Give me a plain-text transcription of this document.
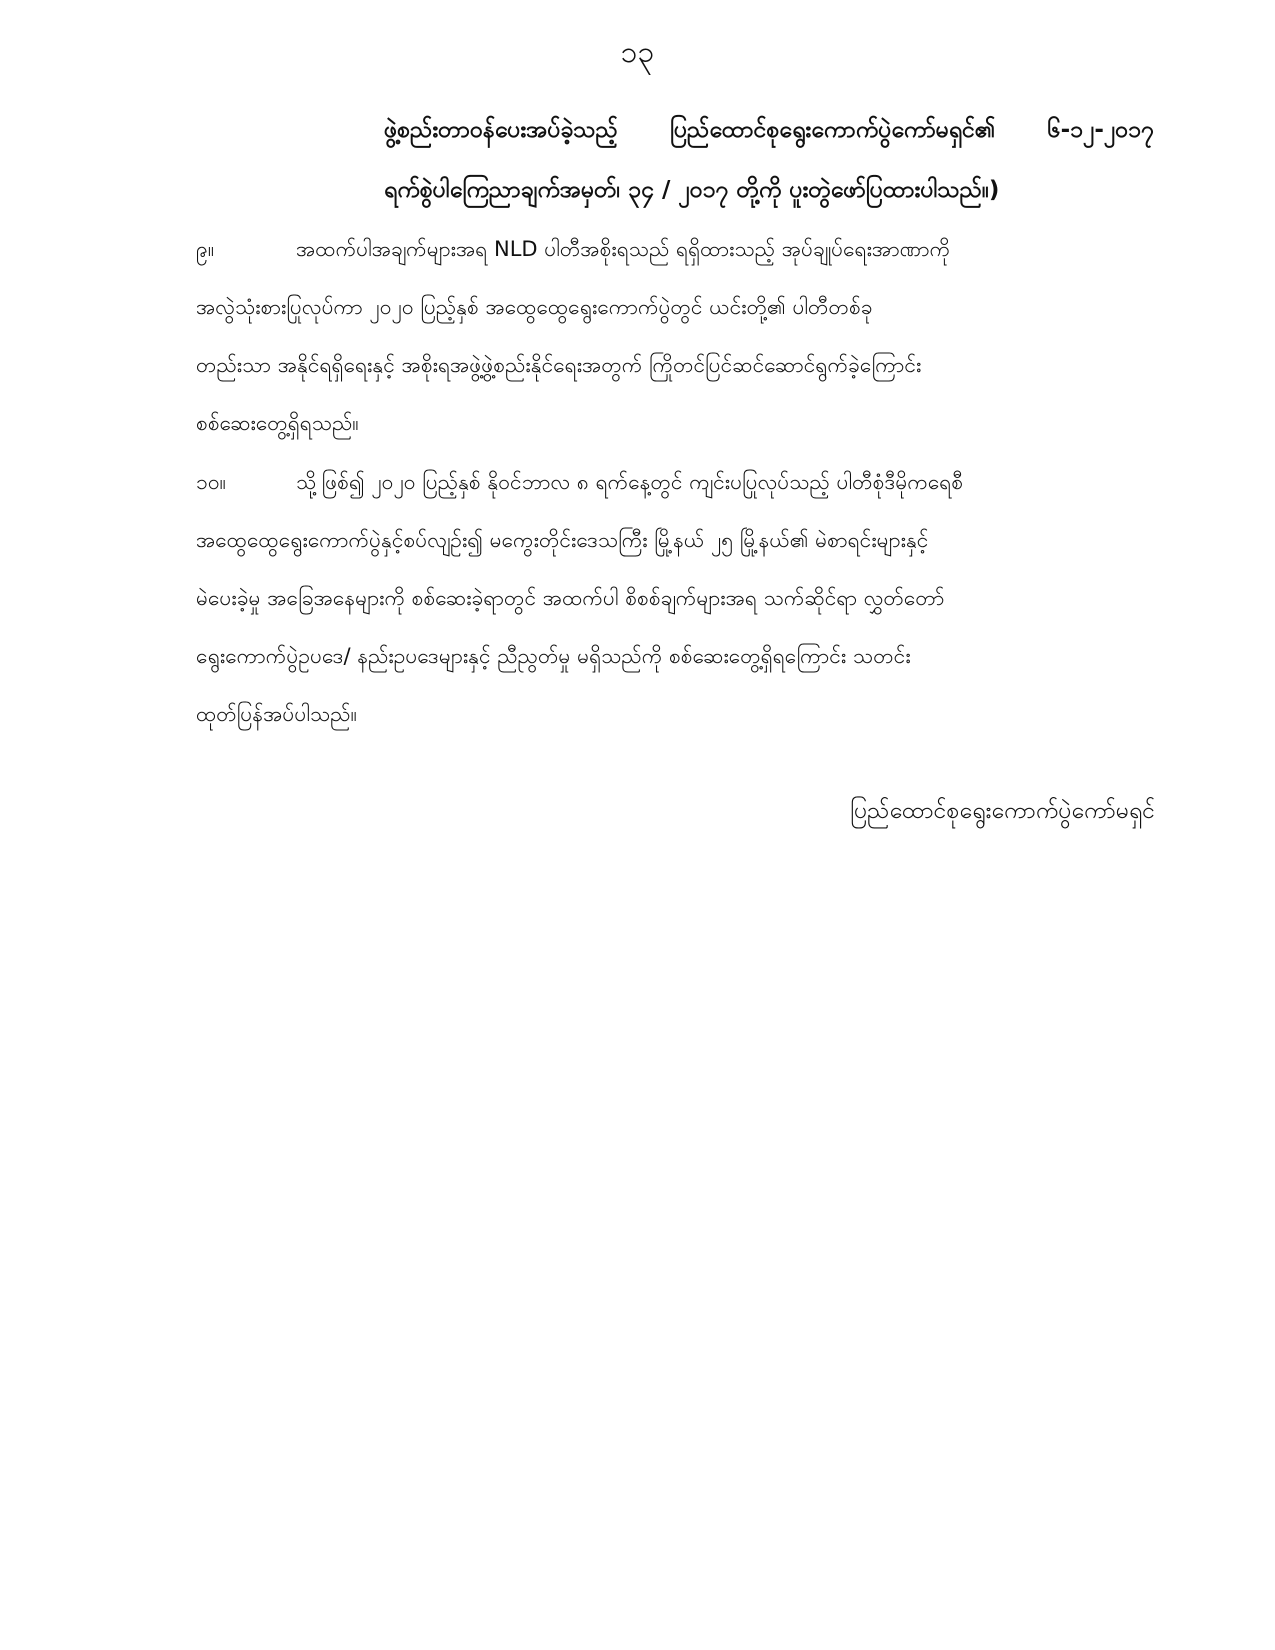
၁၃
ဖွဲ့စည်းတာဝန်ပေးအပ်ခဲ့သည့် ပြည်ထောင်စုရွေးကောက်ပွဲကော်မရှင်၏ ၆-၁၂-၂၀၁၇
ရက်စွဲပါကြေညာချက်အမှတ်၊ ၃၄ / ၂၀၁၇ တို့ကို ပူးတွဲဖော်ပြထားပါသည်။)
၉။	အထက်ပါအချက်များအရ NLD ပါတီအစိုးရသည် ရရှိထားသည့် အုပ်ချုပ်ရေးအာဏာကို
အလွဲသုံးစားပြုလုပ်ကာ ၂၀၂၀ ပြည့်နှစ် အထွေထွေရွေးကောက်ပွဲတွင် ယင်းတို့၏ ပါတီတစ်ခု
တည်းသာ အနိုင်ရရှိရေးနှင့် အစိုးရအဖွဲ့ဖွဲ့စည်းနိုင်ရေးအတွက် ကြိုတင်ပြင်ဆင်ဆောင်ရွက်ခဲ့ကြောင်း
စစ်ဆေးတွေ့ရှိရသည်။
၁၀။	သို့ဖြစ်၍ ၂၀၂၀ ပြည့်နှစ် နိုဝင်ဘာလ ၈ ရက်နေ့တွင် ကျင်းပပြုလုပ်သည့် ပါတီစုံဒီမိုကရေစီ
အထွေထွေရွေးကောက်ပွဲနှင့်စပ်လျဉ်း၍ မကွေးတိုင်းဒေသကြီး မြို့နယ် ၂၅ မြို့နယ်၏ မဲစာရင်းများနှင့်
မဲပေးခဲ့မှု အခြေအနေများကို စစ်ဆေးခဲ့ရာတွင် အထက်ပါ စိစစ်ချက်များအရ သက်ဆိုင်ရာ လွှတ်တော်
ရွေးကောက်ပွဲဥပဒေ/ နည်းဥပဒေများနှင့် ညီညွတ်မှု မရှိသည်ကို စစ်ဆေးတွေ့ရှိရကြောင်း သတင်း
ထုတ်ပြန်အပ်ပါသည်။
ပြည်ထောင်စုရွေးကောက်ပွဲကော်မရှင်
